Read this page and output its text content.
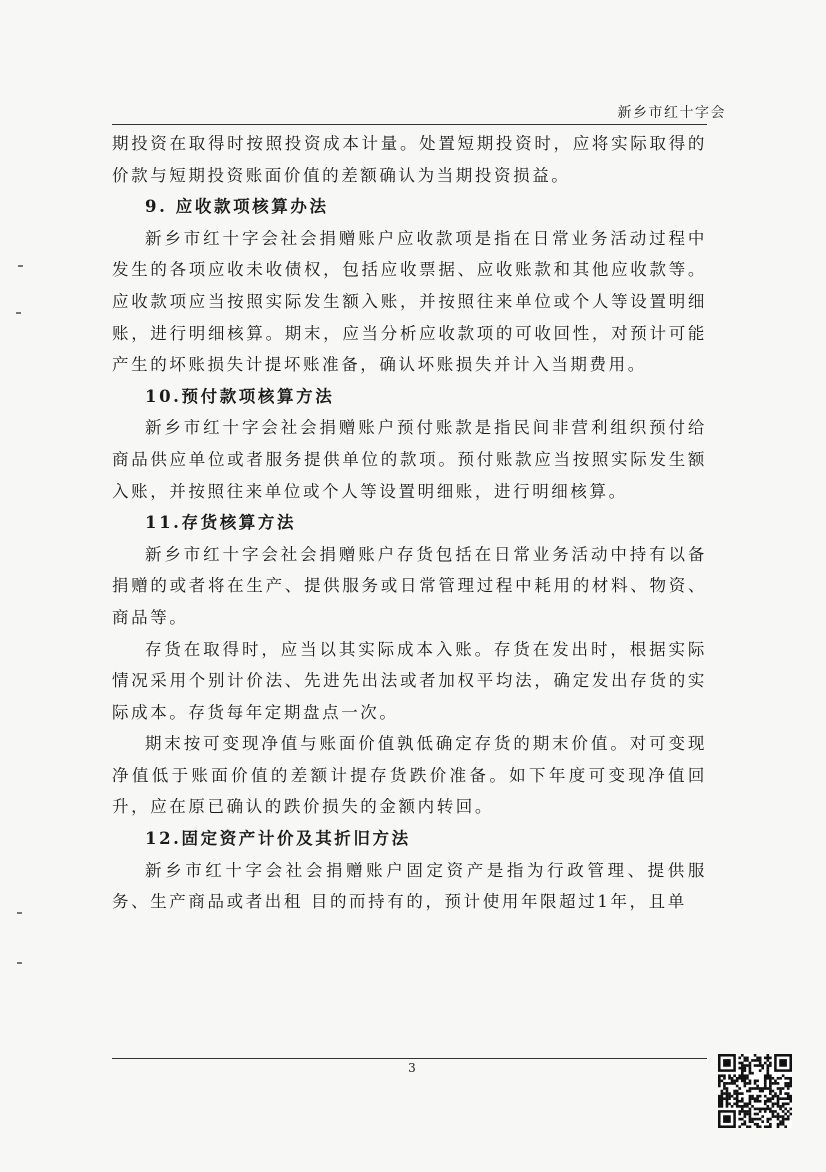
新乡市红十字会

期投资在取得时按照投资成本计量。处置短期投资时，应将实际取得的价款与短期投资账面价值的差额确认为当期投资损益。

9. 应收款项核算办法

新乡市红十字会社会捐赠账户应收款项是指在日常业务活动过程中发生的各项应收未收债权，包括应收票据、应收账款和其他应收款等。应收款项应当按照实际发生额入账，并按照往来单位或个人等设置明细账，进行明细核算。期末，应当分析应收款项的可收回性，对预计可能产生的坏账损失计提坏账准备，确认坏账损失并计入当期费用。

10.预付款项核算方法

新乡市红十字会社会捐赠账户预付账款是指民间非营利组织预付给商品供应单位或者服务提供单位的款项。预付账款应当按照实际发生额入账，并按照往来单位或个人等设置明细账，进行明细核算。

11.存货核算方法

新乡市红十字会社会捐赠账户存货包括在日常业务活动中持有以备捐赠的或者将在生产、提供服务或日常管理过程中耗用的材料、物资、商品等。

存货在取得时，应当以其实际成本入账。存货在发出时，根据实际情况采用个别计价法、先进先出法或者加权平均法，确定发出存货的实际成本。存货每年定期盘点一次。

期末按可变现净值与账面价值孰低确定存货的期末价值。对可变现净值低于账面价值的差额计提存货跌价准备。如下年度可变现净值回升，应在原已确认的跌价损失的金额内转回。

12.固定资产计价及其折旧方法

新乡市红十字会社会捐赠账户固定资产是指为行政管理、提供服务、生产商品或者出租 目的而持有的，预计使用年限超过1年，且单

3
